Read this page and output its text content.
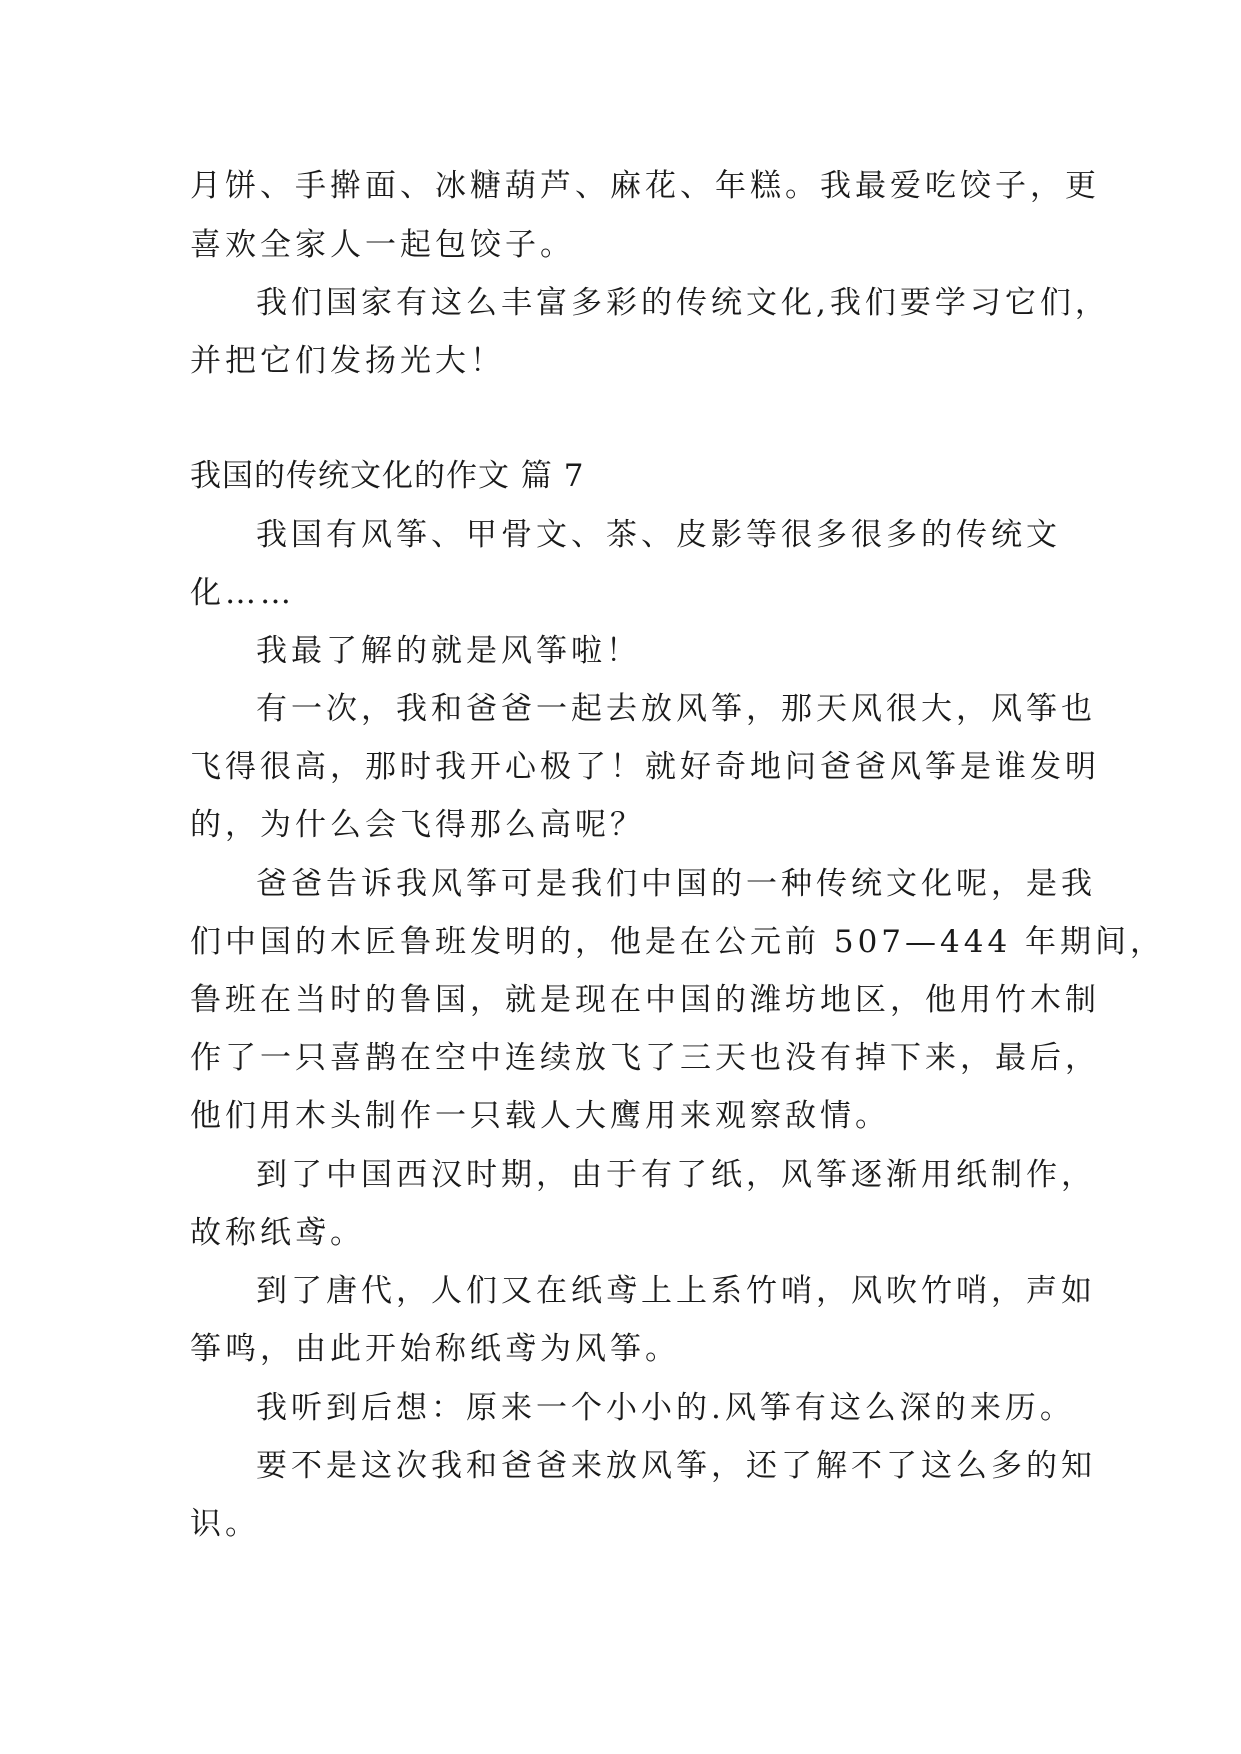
月饼、手擀面、冰糖葫芦、麻花、年糕。我最爱吃饺子，更
喜欢全家人一起包饺子。
我们国家有这么丰富多彩的传统文化,我们要学习它们，
并把它们发扬光大！
我国的传统文化的作文 篇 7
我国有风筝、甲骨文、茶、皮影等很多很多的传统文
化……
我最了解的就是风筝啦！
有一次，我和爸爸一起去放风筝，那天风很大，风筝也
飞得很高，那时我开心极了！就好奇地问爸爸风筝是谁发明
的，为什么会飞得那么高呢？
爸爸告诉我风筝可是我们中国的一种传统文化呢，是我
们中国的木匠鲁班发明的，他是在公元前 507—444 年期间，
鲁班在当时的鲁国，就是现在中国的潍坊地区，他用竹木制
作了一只喜鹊在空中连续放飞了三天也没有掉下来，最后，
他们用木头制作一只载人大鹰用来观察敌情。
到了中国西汉时期，由于有了纸，风筝逐渐用纸制作，
故称纸鸢。
到了唐代，人们又在纸鸢上上系竹哨，风吹竹哨，声如
筝鸣，由此开始称纸鸢为风筝。
我听到后想：原来一个小小的.风筝有这么深的来历。
要不是这次我和爸爸来放风筝，还了解不了这么多的知
识。
